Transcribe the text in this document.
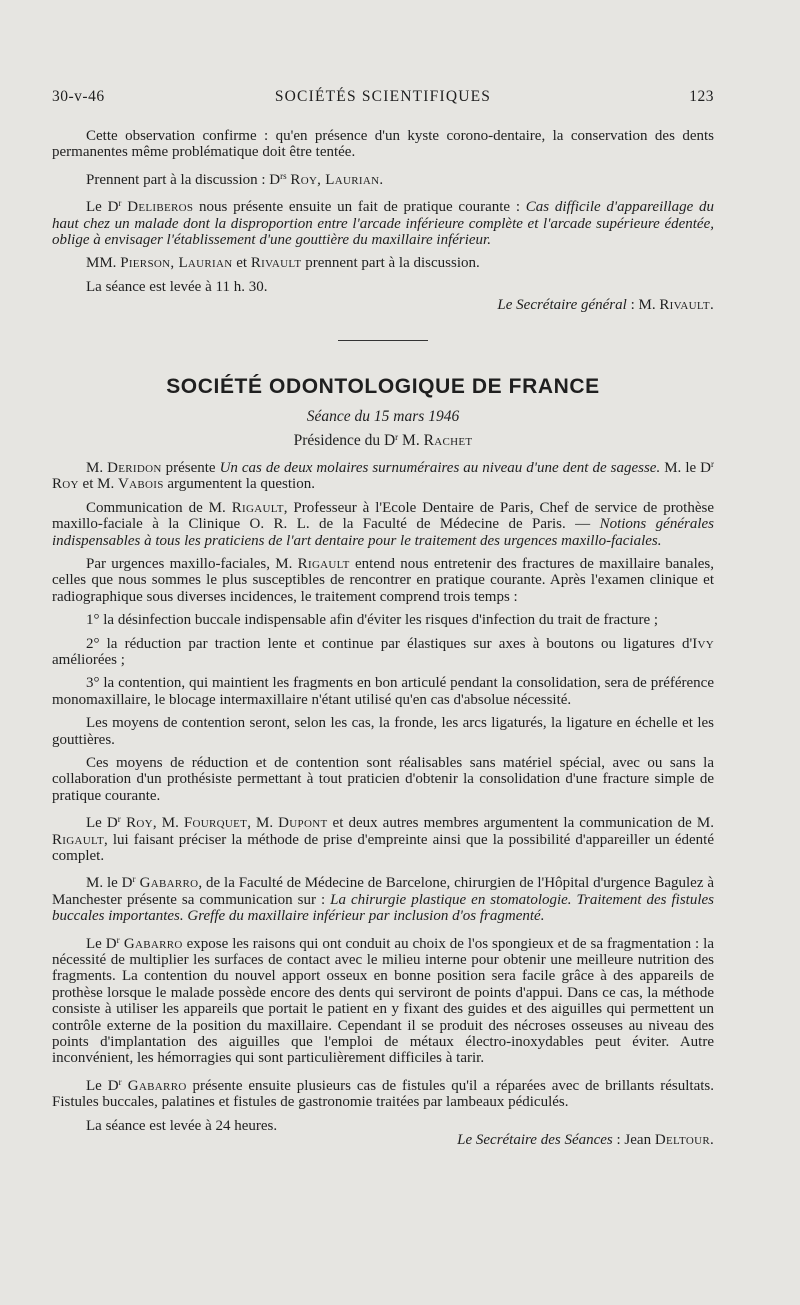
30-v-46	SOCIÉTÉS SCIENTIFIQUES	123

Cette observation confirme : qu'en présence d'un kyste corono-dentaire, la conservation des dents permanentes même problématique doit être tentée.

Prennent part à la discussion : $D^{rs}$ Roy, Laurian.

Le $D^r$ Deliberos nous présente ensuite un fait de pratique courante : Cas difficile d'appareillage du haut chez un malade dont la disproportion entre l'arcade inférieure complète et l'arcade supérieure édentée, oblige à envisager l'établissement d'une gouttière du maxillaire inférieur.

MM. Pierson, Laurian et Rivault prennent part à la discussion.

La séance est levée à 11 h. 30.

Le Secrétaire général : M. Rivault.

SOCIÉTÉ ODONTOLOGIQUE DE FRANCE

Séance du 15 mars 1946

Présidence du $D^r$ M. Rachet

M. Deridon présente Un cas de deux molaires surnuméraires au niveau d'une dent de sagesse. M. le $D^r$ Roy et M. Vabois argumentent la question.

Communication de M. Rigault, Professeur à l'Ecole Dentaire de Paris, Chef de service de prothèse maxillo-faciale à la Clinique O. R. L. de la Faculté de Médecine de Paris. — Notions générales indispensables à tous les praticiens de l'art dentaire pour le traitement des urgences maxillo-faciales.

Par urgences maxillo-faciales, M. Rigault entend nous entretenir des fractures de maxillaire banales, celles que nous sommes le plus susceptibles de rencontrer en pratique courante. Après l'examen clinique et radiographique sous diverses incidences, le traitement comprend trois temps :

1° la désinfection buccale indispensable afin d'éviter les risques d'infection du trait de fracture ;

2° la réduction par traction lente et continue par élastiques sur axes à boutons ou ligatures d'Ivy améliorées ;

3° la contention, qui maintient les fragments en bon articulé pendant la consolidation, sera de préférence monomaxillaire, le blocage intermaxillaire n'étant utilisé qu'en cas d'absolue nécessité.

Les moyens de contention seront, selon les cas, la fronde, les arcs ligaturés, la ligature en échelle et les gouttières.

Ces moyens de réduction et de contention sont réalisables sans matériel spécial, avec ou sans la collaboration d'un prothésiste permettant à tout praticien d'obtenir la consolidation d'une fracture simple de pratique courante.

Le $D^r$ Roy, M. Fourquet, M. Dupont et deux autres membres argumentent la communication de M. Rigault, lui faisant préciser la méthode de prise d'empreinte ainsi que la possibilité d'appareiller un édenté complet.

M. le $D^r$ Gabarro, de la Faculté de Médecine de Barcelone, chirurgien de l'Hôpital d'urgence Bagulez à Manchester présente sa communication sur : La chirurgie plastique en stomatologie. Traitement des fistules buccales importantes. Greffe du maxillaire inférieur par inclusion d'os fragmenté.

Le $D^r$ Gabarro expose les raisons qui ont conduit au choix de l'os spongieux et de sa fragmentation : la nécessité de multiplier les surfaces de contact avec le milieu interne pour obtenir une meilleure nutrition des fragments. La contention du nouvel apport osseux en bonne position sera facile grâce à des appareils de prothèse lorsque le malade possède encore des dents qui serviront de points d'appui. Dans ce cas, la méthode consiste à utiliser les appareils que portait le patient en y fixant des guides et des aiguilles qui permettent un contrôle externe de la position du maxillaire. Cependant il se produit des nécroses osseuses au niveau des points d'implantation des aiguilles que l'emploi de métaux électro-inoxydables peut éviter. Autre inconvénient, les hémorragies qui sont particulièrement difficiles à tarir.

Le $D^r$ Gabarro présente ensuite plusieurs cas de fistules qu'il a réparées avec de brillants résultats. Fistules buccales, palatines et fistules de gastronomie traitées par lambeaux pédiculés.

La séance est levée à 24 heures.

Le Secrétaire des Séances : Jean Deltour.
